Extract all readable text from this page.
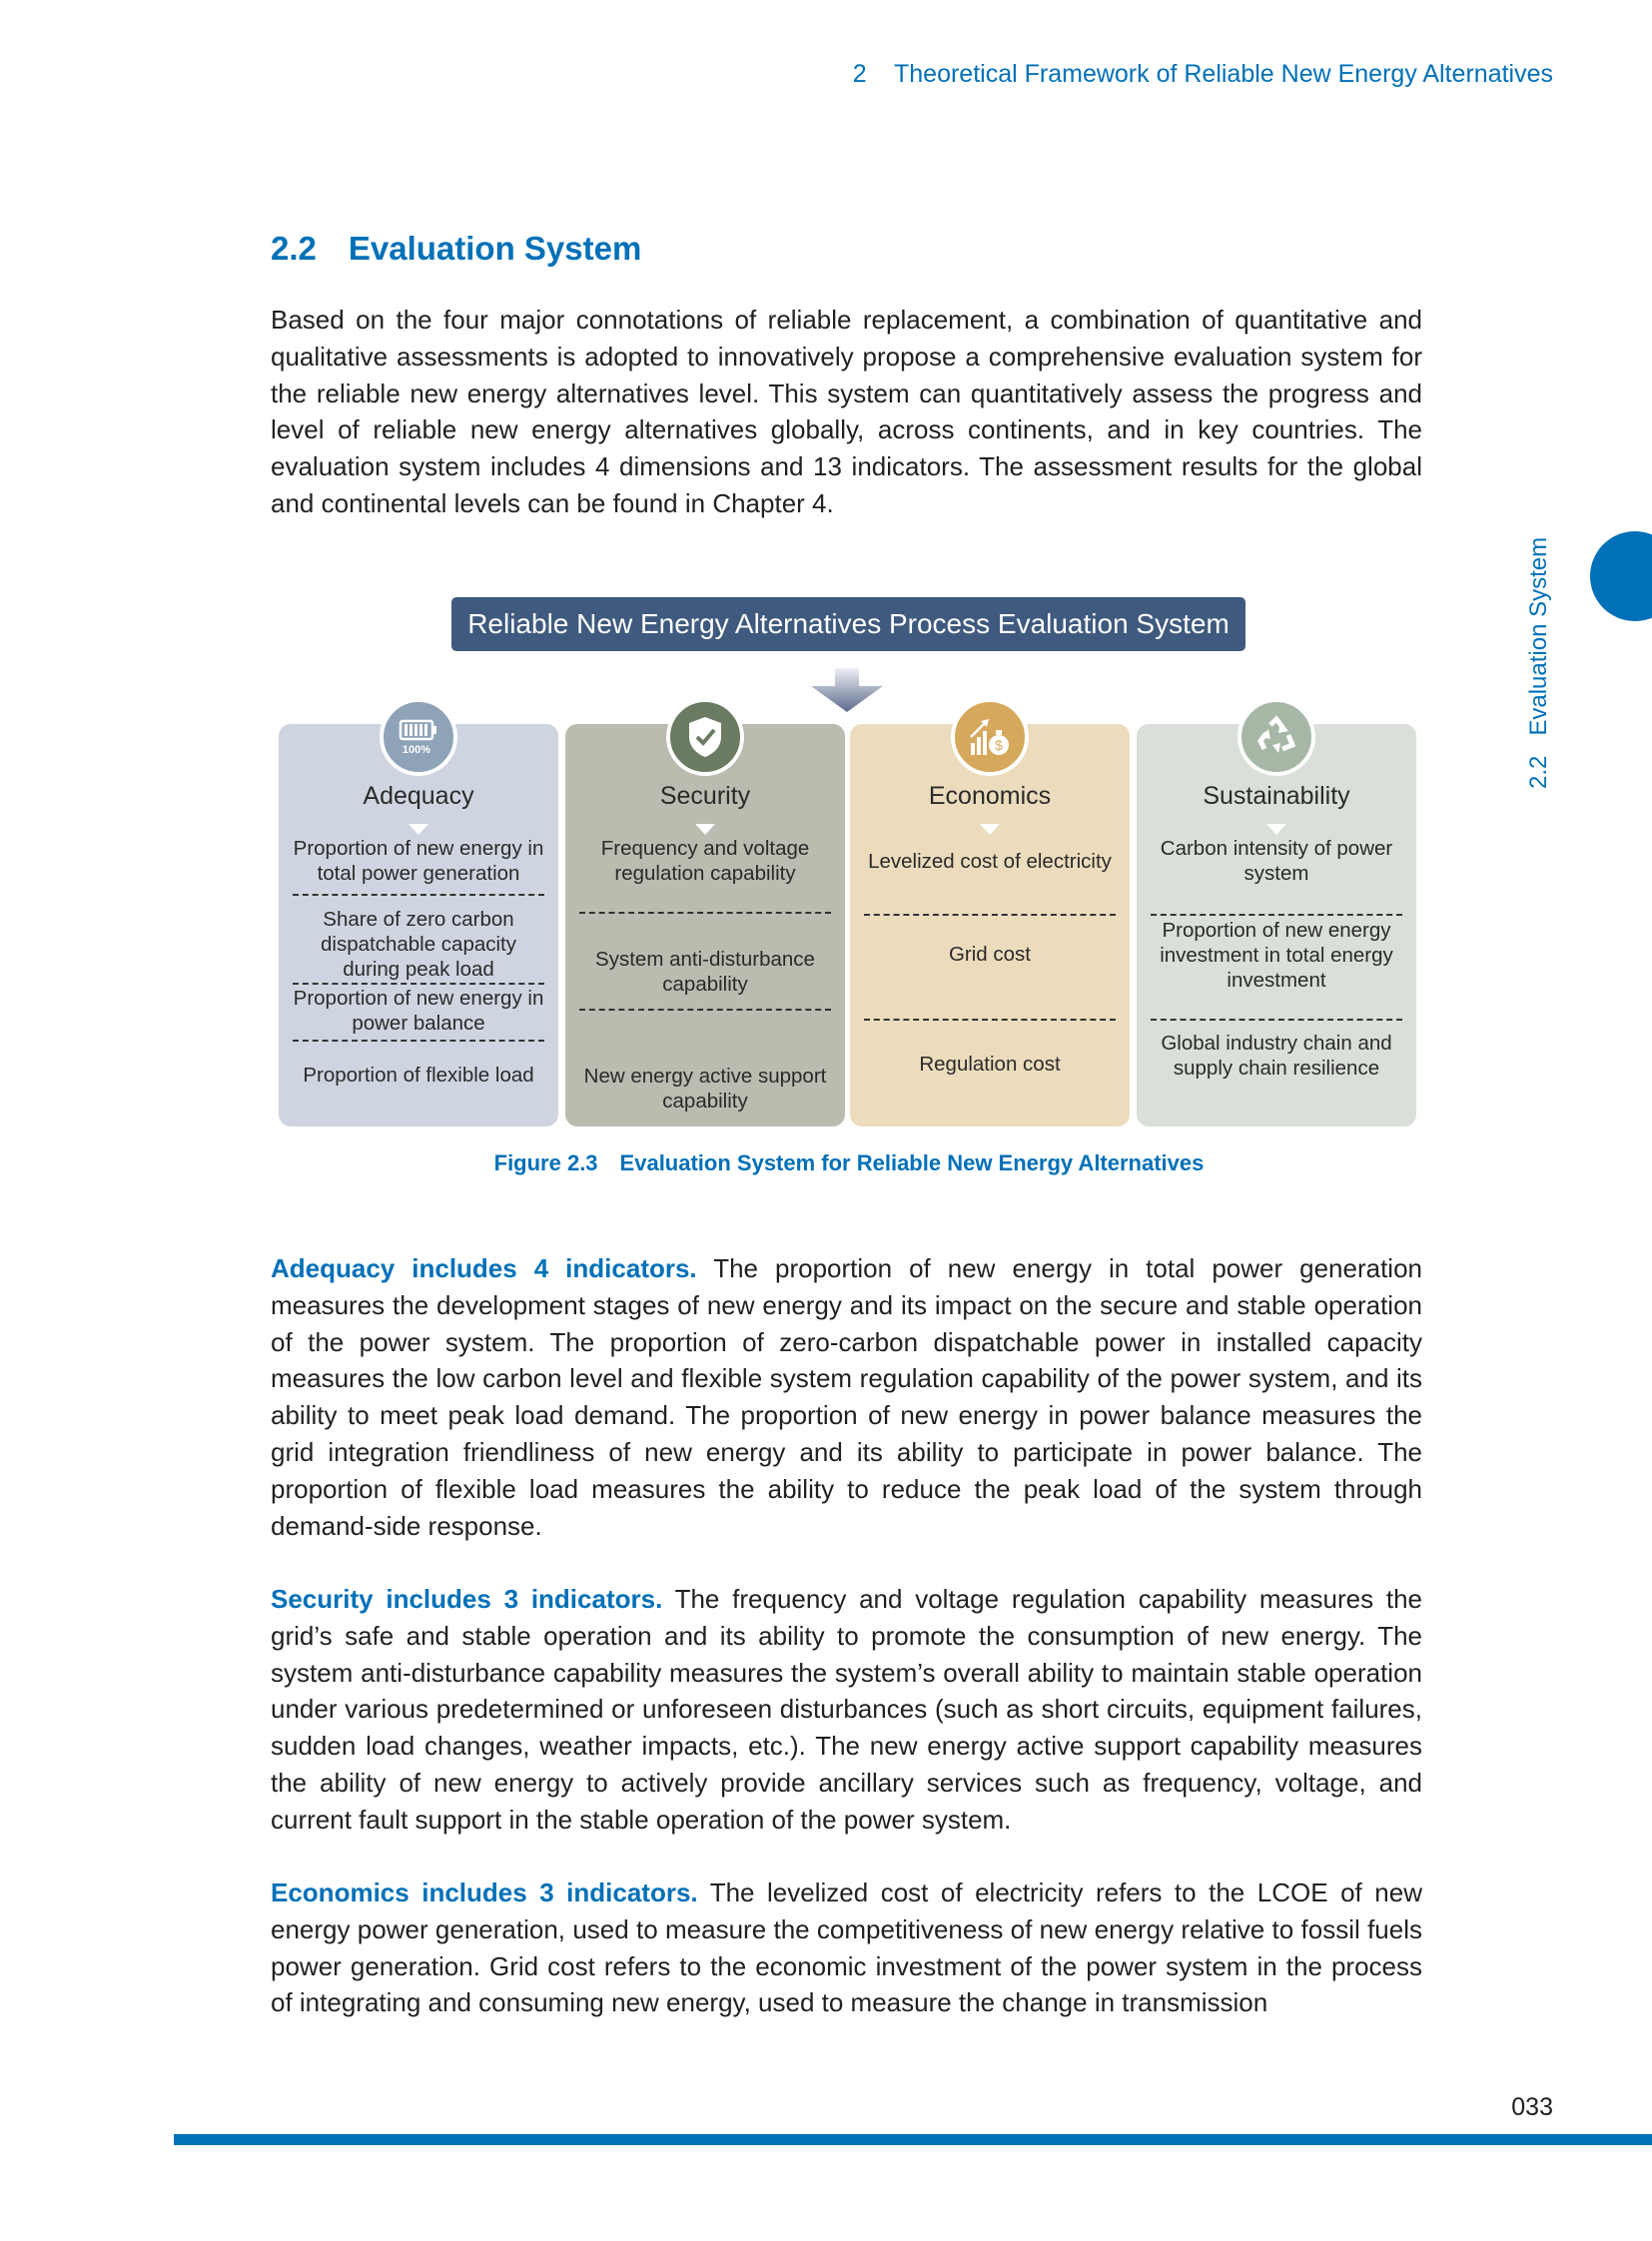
2 Theoretical Framework of Reliable New Energy Alternatives
2.2 Evaluation System
2.2Evaluation System

Based on the four major connotations of reliable replacement, a combination of quantitative and qualitative assessments is adopted to innovatively propose a comprehensive evaluation system for the reliable new energy alternatives level. This system can quantitatively assess the progress and level of reliable new energy alternatives globally, across continents, and in key countries. The evaluation system includes 4 dimensions and 13 indicators. The assessment results for the global and continental levels can be found in Chapter 4.

Reliable New Energy Alternatives Process Evaluation System
100%
Adequacy
Proportion of new energy in total power generation
Share of zero carbon dispatchable capacity during peak load
Proportion of new energy in power balance
Proportion of flexible load
Security
Frequency and voltage regulation capability
System anti-disturbance capability
New energy active support capability
$
Economics
Levelized cost of electricity
Grid cost
Regulation cost
Sustainability
Carbon intensity of power system
Proportion of new energy investment in total energy investment
Global industry chain and supply chain resilience
Figure 2.3 Evaluation System for Reliable New Energy Alternatives

Adequacy includes 4 indicators. The proportion of new energy in total power generation measures the development stages of new energy and its impact on the secure and stable operation of the power system. The proportion of zero-carbon dispatchable power in installed capacity measures the low carbon level and flexible system regulation capability of the power system, and its ability to meet peak load demand. The proportion of new energy in power balance measures the grid integration friendliness of new energy and its ability to participate in power balance. The proportion of flexible load measures the ability to reduce the peak load of the system through demand-side response.

Security includes 3 indicators. The frequency and voltage regulation capability measures the grid’s safe and stable operation and its ability to promote the consumption of new energy. The system anti-disturbance capability measures the system’s overall ability to maintain stable operation under various predetermined or unforeseen disturbances (such as short circuits, equipment failures, sudden load changes, weather impacts, etc.). The new energy active support capability measures the ability of new energy to actively provide ancillary services such as frequency, voltage, and current fault support in the stable operation of the power system.

Economics includes 3 indicators. The levelized cost of electricity refers to the LCOE of new energy power generation, used to measure the competitiveness of new energy relative to fossil fuels power generation. Grid cost refers to the economic investment of the power system in the process of integrating and consuming new energy, used to measure the change in transmission

033
